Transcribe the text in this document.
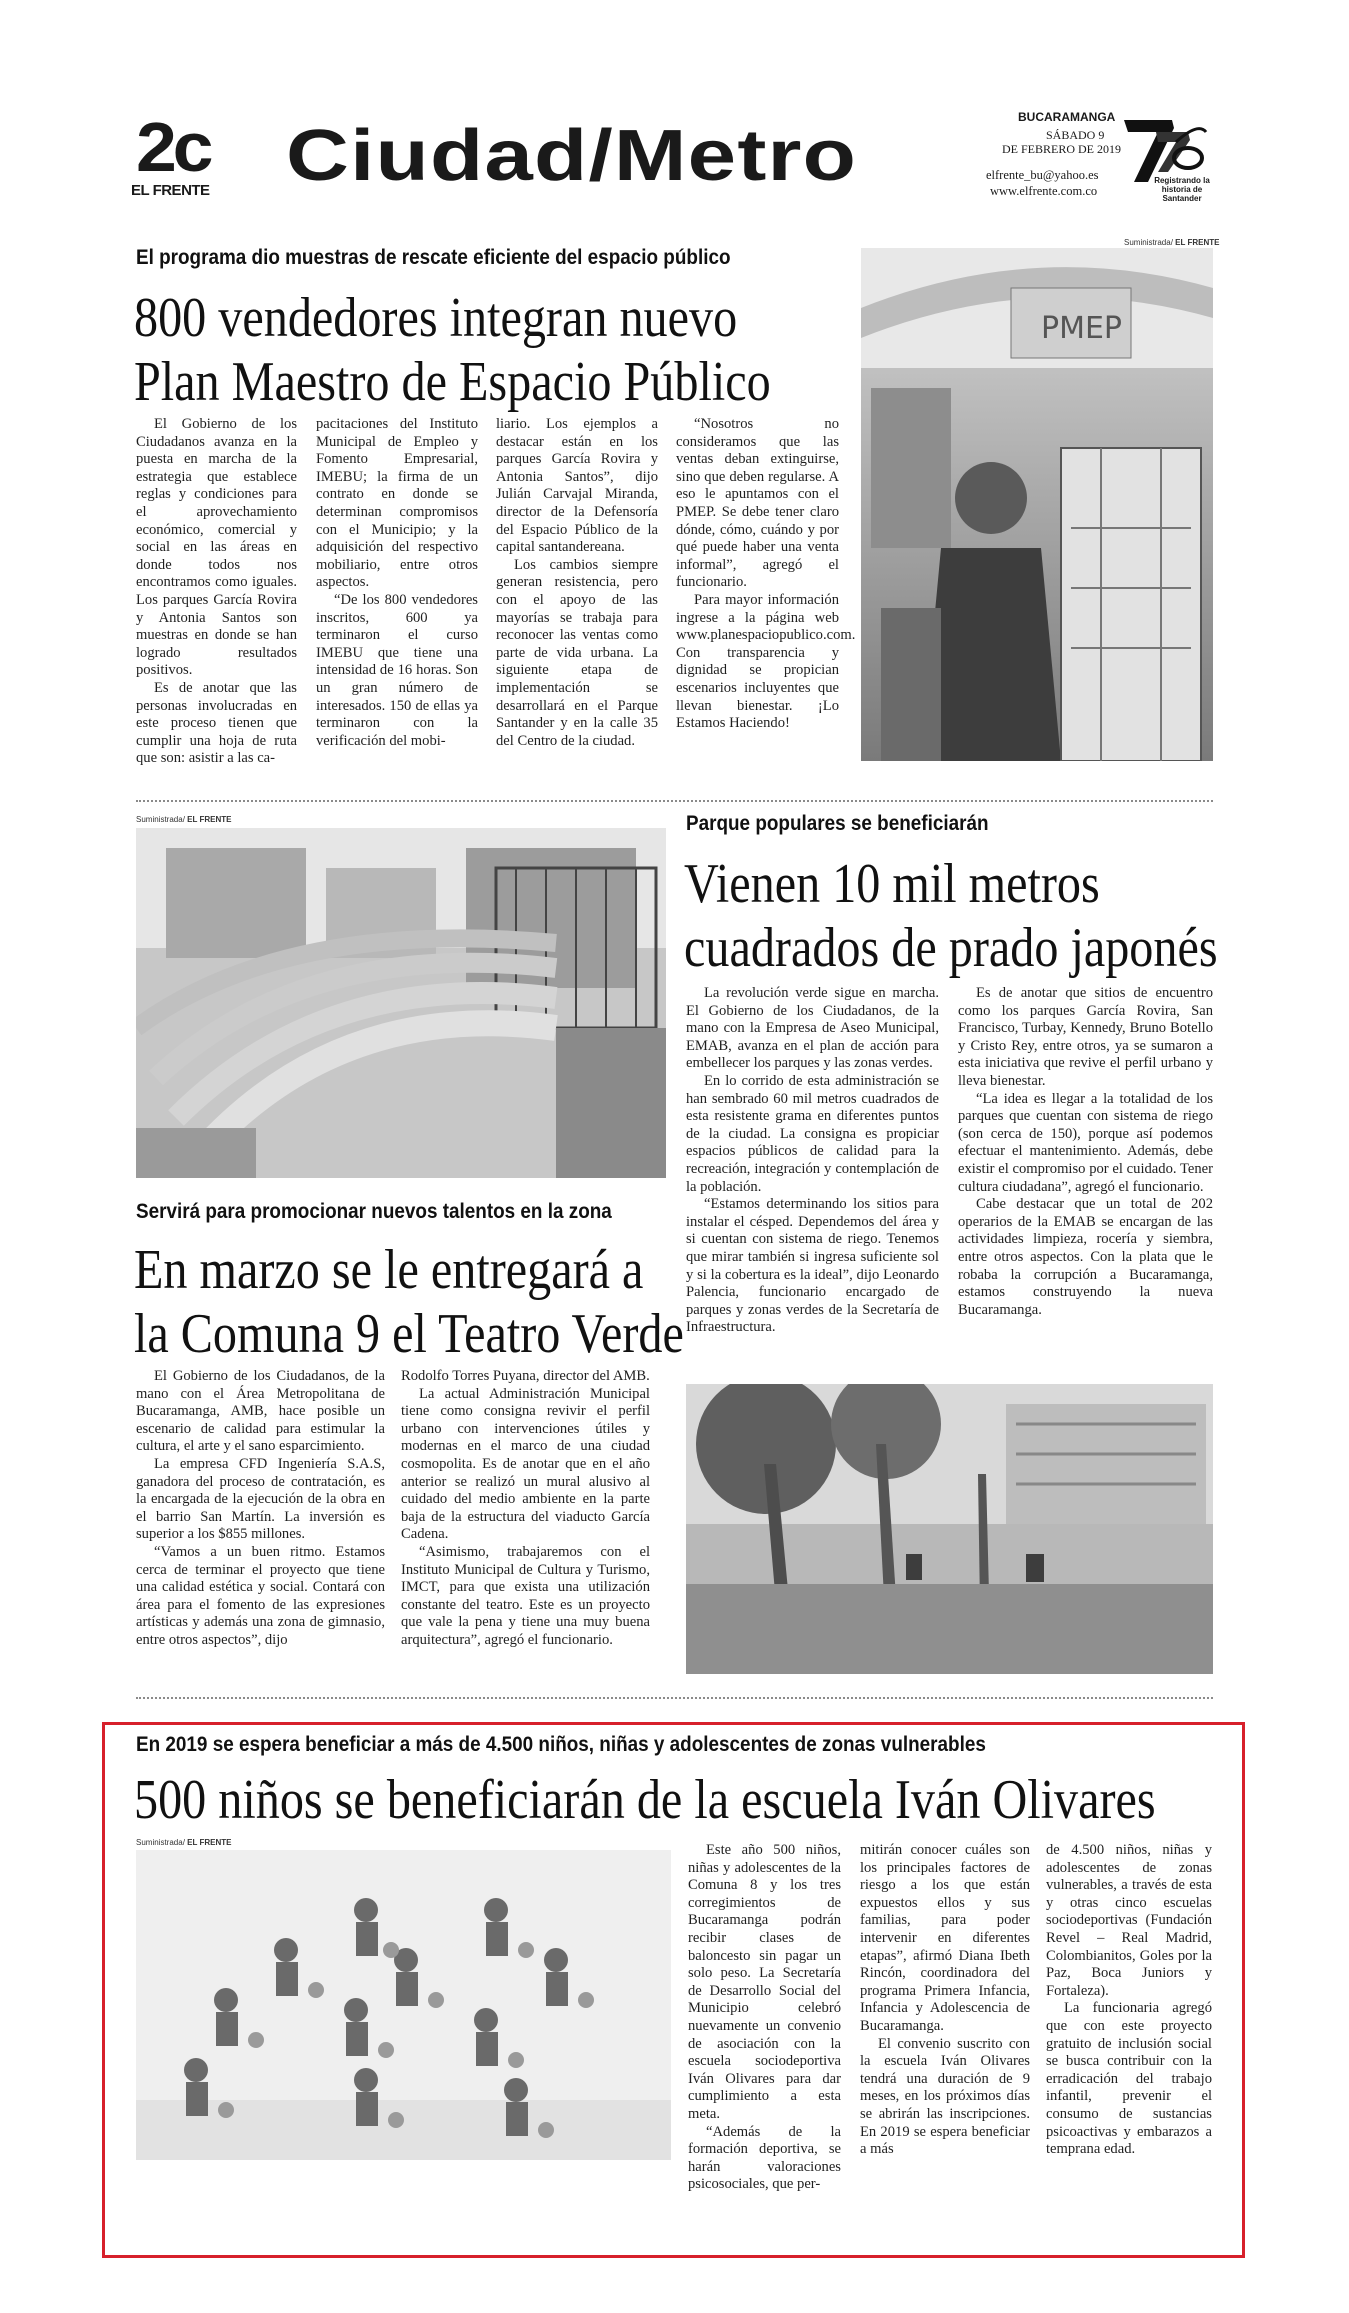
2c
EL FRENTE Ciudad/Metro	BUCARAMANGA
SÁBADO 9
DE FEBRERO DE 2019
elfrente_bu@yahoo.es
www.elfrente.com.co
Registrando la historia de Santander
El programa dio muestras de rescate eficiente del espacio público
800 vendedores integran nuevo
Plan Maestro de Espacio Público

El Gobierno de los Ciudadanos avanza en la puesta en marcha de la estrategia que establece reglas y condiciones para el aprovechamiento económico, comercial y social en las áreas en donde todos nos encontramos como iguales. Los parques García Rovira y Antonia Santos son muestras en donde se han logrado resultados positivos.

Es de anotar que las personas involucradas en este proceso tienen que cumplir una hoja de ruta que son: asistir a las ca-

pacitaciones del Instituto Municipal de Empleo y Fomento Empresarial, IMEBU; la firma de un contrato en donde se determinan compromisos con el Municipio; y la adquisición del respectivo mobiliario, entre otros aspectos.

“De los 800 vendedores inscritos, 600 ya terminaron el curso IMEBU que tiene una intensidad de 16 horas. Son un gran número de interesados. 150 de ellas ya terminaron con la verificación del mobi-

liario. Los ejemplos a destacar están en los parques García Rovira y Antonia Santos”, dijo Julián Carvajal Miranda, director de la Defensoría del Espacio Público de la capital santandereana.

Los cambios siempre generan resistencia, pero con el apoyo de las mayorías se trabaja para reconocer las ventas como parte de vida urbana. La siguiente etapa de implementación se desarrollará en el Parque Santander y en la calle 35 del Centro de la ciudad.

“Nosotros no consideramos que las ventas deban extinguirse, sino que deben regularse. A eso le apuntamos con el PMEP. Se debe tener claro dónde, cómo, cuándo y por qué puede haber una venta informal”, agregó el funcionario.

Para mayor información ingrese a la página web www.planespaciopublico.com. Con transparencia y dignidad se propician escenarios incluyentes que llevan bienestar. ¡Lo Estamos Haciendo!

Suministrada/ EL FRENTE
PMEP
Suministrada/ EL FRENTE
Servirá para promocionar nuevos talentos en la zona
En marzo se le entregará a
la Comuna 9 el Teatro Verde

El Gobierno de los Ciudadanos, de la mano con el Área Metropolitana de Bucaramanga, AMB, hace posible un escenario de calidad para estimular la cultura, el arte y el sano esparcimiento.

La empresa CFD Ingeniería S.A.S, ganadora del proceso de contratación, es la encargada de la ejecución de la obra en el barrio San Martín. La inversión es superior a los $855 millones.

“Vamos a un buen ritmo. Estamos cerca de terminar el proyecto que tiene una calidad estética y social. Contará con área para el fomento de las expresiones artísticas y además una zona de gimnasio, entre otros aspectos”, dijo

Rodolfo Torres Puyana, director del AMB.

La actual Administración Municipal tiene como consigna revivir el perfil urbano con intervenciones útiles y modernas en el marco de una ciudad cosmopolita. Es de anotar que en el año anterior se realizó un mural alusivo al cuidado del medio ambiente en la parte baja de la estructura del viaducto García Cadena.

“Asimismo, trabajaremos con el Instituto Municipal de Cultura y Turismo, IMCT, para que exista una utilización constante del teatro. Este es un proyecto que vale la pena y tiene una muy buena arquitectura”, agregó el funcionario.

Parque populares se beneficiarán
Vienen 10 mil metros
cuadrados de prado japonés

La revolución verde sigue en marcha. El Gobierno de los Ciudadanos, de la mano con la Empresa de Aseo Municipal, EMAB, avanza en el plan de acción para embellecer los parques y las zonas verdes.

En lo corrido de esta administración se han sembrado 60 mil metros cuadrados de esta resistente grama en diferentes puntos de la ciudad. La consigna es propiciar espacios públicos de calidad para la recreación, integración y contemplación de la población.

“Estamos determinando los sitios para instalar el césped. Dependemos del área y si cuentan con sistema de riego. Tenemos que mirar también si ingresa suficiente sol y si la cobertura es la ideal”, dijo Leonardo Palencia, funcionario encargado de parques y zonas verdes de la Secretaría de Infraestructura.

Es de anotar que sitios de encuentro como los parques García Rovira, San Francisco, Turbay, Kennedy, Bruno Botello y Cristo Rey, entre otros, ya se sumaron a esta iniciativa que revive el perfil urbano y lleva bienestar.

“La idea es llegar a la totalidad de los parques que cuentan con sistema de riego (son cerca de 150), porque así podemos efectuar el mantenimiento. Además, debe existir el compromiso por el cuidado. Tener cultura ciudadana”, agregó el funcionario.

Cabe destacar que un total de 202 operarios de la EMAB se encargan de las actividades limpieza, rocería y siembra, entre otros aspectos. Con la plata que le robaba la corrupción a Bucaramanga, estamos construyendo la nueva Bucaramanga.

En 2019 se espera beneficiar a más de 4.500 niños, niñas y adolescentes de zonas vulnerables
500 niños se beneficiarán de la escuela Iván Olivares
Suministrada/ EL FRENTE	Este año 500 niños, niñas y adolescentes de la Comuna 8 y los tres corregimientos de Bucaramanga podrán recibir clases de baloncesto sin pagar un solo peso. La Secretaría de Desarrollo Social del Municipio celebró nuevamente un convenio de asociación con la escuela sociodeportiva Iván Olivares para dar cumplimiento a esta meta.

“Además de la formación deportiva, se harán valoraciones psicosociales, que per-

mitirán conocer cuáles son los principales factores de riesgo a los que están expuestos ellos y sus familias, para poder intervenir en diferentes etapas”, afirmó Diana Ibeth Rincón, coordinadora del programa Primera Infancia, Infancia y Adolescencia de Bucaramanga.

El convenio suscrito con la escuela Iván Olivares tendrá una duración de 9 meses, en los próximos días se abrirán las inscripciones. En 2019 se espera beneficiar a más

de 4.500 niños, niñas y adolescentes de zonas vulnerables, a través de esta y otras cinco escuelas sociodeportivas (Fundación Revel – Real Madrid, Colombianitos, Goles por la Paz, Boca Juniors y Fortaleza).

La funcionaria agregó que con este proyecto gratuito de inclusión social se busca contribuir con la erradicación del trabajo infantil, prevenir el consumo de sustancias psicoactivas y embarazos a temprana edad.
